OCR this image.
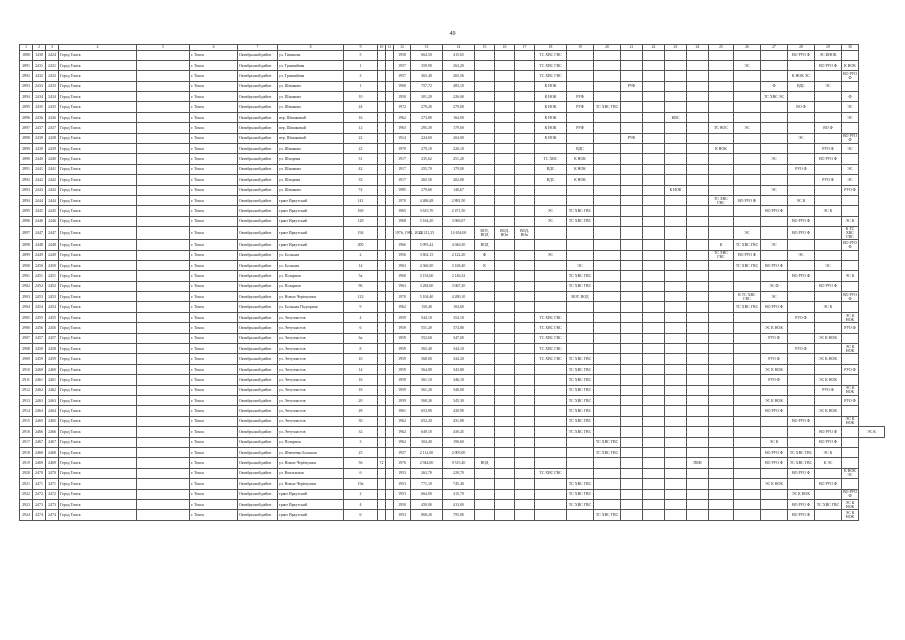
49
1	2	3	4	5	6	7	8	9	10	11	12	13	14	15	16	17	18	19	20	21	22	23	24	25	26	27	28	29	30	
1880	1430	2424	Город Томск		г. Томск	Октябрьский район	ул. Тимакова	5			1958	664,50	415,65				ТС ХВС ГВС										ВО РУО Ф	ЭС КНОК		
2891	2431	2431	Город Томск		г. Томск	Октябрьский район	ул. Трамвайная	1			1957	359,90	263,20				ТС ХВС ГВС								ЭС			ВО РУО Ф	К НОК	
2892	2432	2432	Город Томск		г. Томск	Октябрьский район	ул. Трамвайная	3			1957	365,40	265,56				ТС ХВС ГВС										К НОК ЭС		ВО РУО Ф	
2893	2433	2433	Город Томск		г. Томск	Октябрьский район	ул. Шишкова	1			1960	757,72	483,10				К НОК			РУФ						Ф	ВДС	ЭС		
2894	2434	2434	Город Томск		г. Томск	Октябрьский район	ул. Шишкова	10			1950	301,20	226,00				К НОК	РУФ								ТС ХВС ЭС			Ф	
2895	2435	2435	Город Томск		г. Томск	Октябрьский район	ул. Шишкова	24			1972	279,20	279,00				К НОК	РУФ	ТС ХВС ГВС								ВО Ф		ЭС	
2896	2436	2436	Город Томск		г. Томск	Октябрьский район	пер. Шишковый	16			1962	273,80	164,00				К НОК					КВС							ЭС	
2897	2437	2437	Город Томск		г. Томск	Октябрьский район	пер. Шишковый	12			1963	295,30	179,00				К НОК	РУФ						ТС ВОС	ЭС			ВО Ф		
2898	2438	2438	Город Томск		г. Томск	Октябрьский район	пер. Шишковый	22			1914	224,60	204,00				К НОК			РУФ							ЭС		ВО РУО Ф	
2899	2439	2439	Город Томск		г. Томск	Октябрьский район	ул. Шишкова	22			1970	279,10	226,10					ВДС						К НОК				РУО Ф	ЭС	
2890	2440	2440	Город Томск		г. Томск	Октябрьский район	ул. Шпорная	31			1917	235,62	251,20				ТС ХВС	К НОК								ЭС		ВО РУО Ф		
2891	2441	2441	Город Томск		г. Томск	Октябрьский район	ул. Шишкова	42			1917	255,70	179,00				ВДС	К НОК									РУО Ф		ЭС	
2892	2442	2442	Город Томск		г. Томск	Октябрьский район	ул. Шпорная	33			1917	265,50	202,80				ВДС	К НОК										РУО Ф	ЭС	
2893	2443	2443	Город Томск		г. Томск	Октябрьский район	ул. Шишкова	74			1985	279,60	140,67									К НОК				ЭС			РУО Ф	
2894	2444	2444	Город Томск		г. Томск	Октябрьский район	тракт Иркутский	141			1970	4 486,48	2 881,50											ТС ХВС ГВС	ВО РУО Ф		ЭС К			
2895	2445	2445	Город Томск		г. Томск	Октябрьский район	тракт Иркутский	160			1965	3 615,70	2 471,50				ЭС	ТС ХВС ГВС								ВО РУО Ф		ЭС К		
2896	2446	2446	Город Томск		г. Томск	Октябрьский район	тракт Иркутский	128			1968	5 164,20	3 060,07				ЭС	ТС ХВС ГВС									ВО РУО Ф		ЭС К	
2897	2447	2447	Город Томск		г. Томск	Октябрьский район	тракт Иркутский	194			1976, 1981, 2012	24 211,25	14 654,00	ВОТ, ВОД	ВОД, ВОп	ВОД, ВОп									ЭС		ВО РУО Ф		К ТС ХВС ГВС	
2898	2448	2448	Город Томск		г. Томск	Октябрьский район	тракт Иркутский	200			1966	5 095,42	4 046,50	ВОД										К	ТС ХВС ГВС	ЭС			ВО РУО Ф	
2899	2449	2449	Город Томск		г. Томск	Октябрьский район	ул. Большая	2			1956	3 602,15	2 122,20	Ф			ЭС							ТС ХВС ГВС	ВО РУО Ф		ЭС			
2900	2450	2450	Город Томск		г. Томск	Октябрьский район	ул. Большая	14			1963	4 366,50	3 168,40	К				ЭС							ТС ХВС ГВС	ВО РУО Ф		ЭС		
2901	2451	2451	Город Томск		г. Томск	Октябрьский район	ул. Полярная	5а			1960	3 154,60	2 146,32					ТС ХВС ГВС									ВО РУО Ф		ЭС К	
2902	2452	2452	Город Томск		г. Томск	Октябрьский район	ул. Полярная	96			1963	3 284,60	3 067,20					ТС ХВС ГВС								ЭС Ф		ВО РУО Ф		
2903	2453	2453	Город Томск		г. Томск	Октябрьский район	ул. Новые Черёмушки	123			1970	5 104,40	4 280,10					ВОТ, ВОД							К ТС ХВС ГВС	ЭС			ВО РУО Ф	
2904	2454	2454	Город Томск		г. Томск	Октябрьский район	ул. Большая Подгорная	9			1962	150,40	104,60												ТС ХВС ГВС	ВО РУО Ф		ЭС К		
2905	2455	2455	Город Томск		г. Томск	Октябрьский район	ул. Энтузиастов	4			1959	544,10	354,10				ТС ХВС ГВС										РУО Ф		ЭС К НОК	
2906	2456	2456	Город Томск		г. Томск	Октябрьский район	ул. Энтузиастов	6			1959	551,20	374,80				ТС ХВС ГВС									ЭС К НОК			РУО Ф	
2907	2457	2457	Город Томск		г. Томск	Октябрьский район	ул. Энтузиастов	6а			1959	552,60	347,00				ТС ХВС ГВС									РУО Ф		ЭС К НОК		
2908	2458	2458	Город Томск		г. Томск	Октябрьский район	ул. Энтузиастов	8			1959	565,40	344,10				ТС ХВС ГВС										РУО Ф		ЭС К НОК	
2909	2459	2459	Город Томск		г. Томск	Октябрьский район	ул. Энтузиастов	10			1959	568,00	344,20				ТС ХВС ГВС	ТС ХВС ГВС								РУО Ф		ЭС К НОК		
2910	2460	2460	Город Томск		г. Томск	Октябрьский район	ул. Энтузиастов	14			1959	564,80	343,80					ТС ХВС ГВС								ЭС К НОК			РУО Ф	
2911	2461	2461	Город Томск		г. Томск	Октябрьский район	ул. Энтузиастов	16			1959	561,10	346,10					ТС ХВС ГВС								РУО Ф		ЭС К НОК		
2912	2462	2462	Город Томск		г. Томск	Октябрьский район	ул. Энтузиастов	18			1959	561,20	346,00					ТС ХВС ГВС										РУО Ф	ЭС К НОК	
2913	2463	2463	Город Томск		г. Томск	Октябрьский район	ул. Энтузиастов	20			1959	568,30	345,30					ТС ХВС ГВС								ЭС К НОК			РУО Ф	
2914	2464	2464	Город Томск		г. Томск	Октябрьский район	ул. Энтузиастов	28			1961	653,90	430,90					ТС ХВС ГВС								ВО РУО Ф		ЭС К НОК		
2915	2465	2465	Город Томск		г. Томск	Октябрьский район	ул. Энтузиастов	30			1962	652,20	431,80					ТС ХВС ГВС									ВО РУО Ф		ЭС К НОК	
2916	2466	2466	Город Томск		г. Томск	Октябрьский район	ул. Энтузиастов	32			1962	649,10	430,45					ТС ХВС ГВС										ВО РУО Ф		ЭС К
2917	2467	2467	Город Томск		г. Томск	Октябрьский район	ул. Полярная	3			1962	304,40	196,60						ТС ХВС ГВС							ЭС К		ВО РУО Ф		
2918	2468	2468	Город Томск		г. Томск	Октябрьский район	ул. Шевченко Большая	25			1957	2 112,00	2 005,00						ТС ХВС ГВС							ВО РУО Ф	ТС ХВС ГВС	ЭС К		
2919	2469	2469	Город Томск		г. Томск	Октябрьский район	ул. Новые Черёмушки	56	72		1976	2 944,00	9 515,40	ВОД									ПКН			ВО РУО Ф	ТС ХВС ГВС	К ЭС		
2920	2470	2470	Город Томск		г. Томск	Октябрьский район	ул. Вокзальная	6			1953	263,70	220,70				ТС ХВС ГВС										ВО РУО Ф		К НОК ЭС	
2921	2471	2471	Город Томск		г. Томск	Октябрьский район	ул. Новые Черёмушки	19а			1953	771,10	745,40					ТС ХВС ГВС								ЭС К НОК		ВО РУО Ф		
2922	2472	2472	Город Томск		г. Томск	Октябрьский район	тракт Иркутский	2			1953	664,00	415,70					ТС ХВС ГВС									ЭС К НОК		ВО РУО Ф	
2923	2473	2473	Город Томск		г. Томск	Октябрьский район	тракт Иркутский	4			1950	450,00	413,00					ТС ХВС ГВС									ВО РУО Ф	ТС ХВС ГВС	ЭС К НОК	
2924	2474	2474	Город Томск		г. Томск	Октябрьский район	тракт Иркутский	6			1953	868,20	795,80						ТС ХВС ГВС								ВО РУО Ф		ЭС К НОК	
